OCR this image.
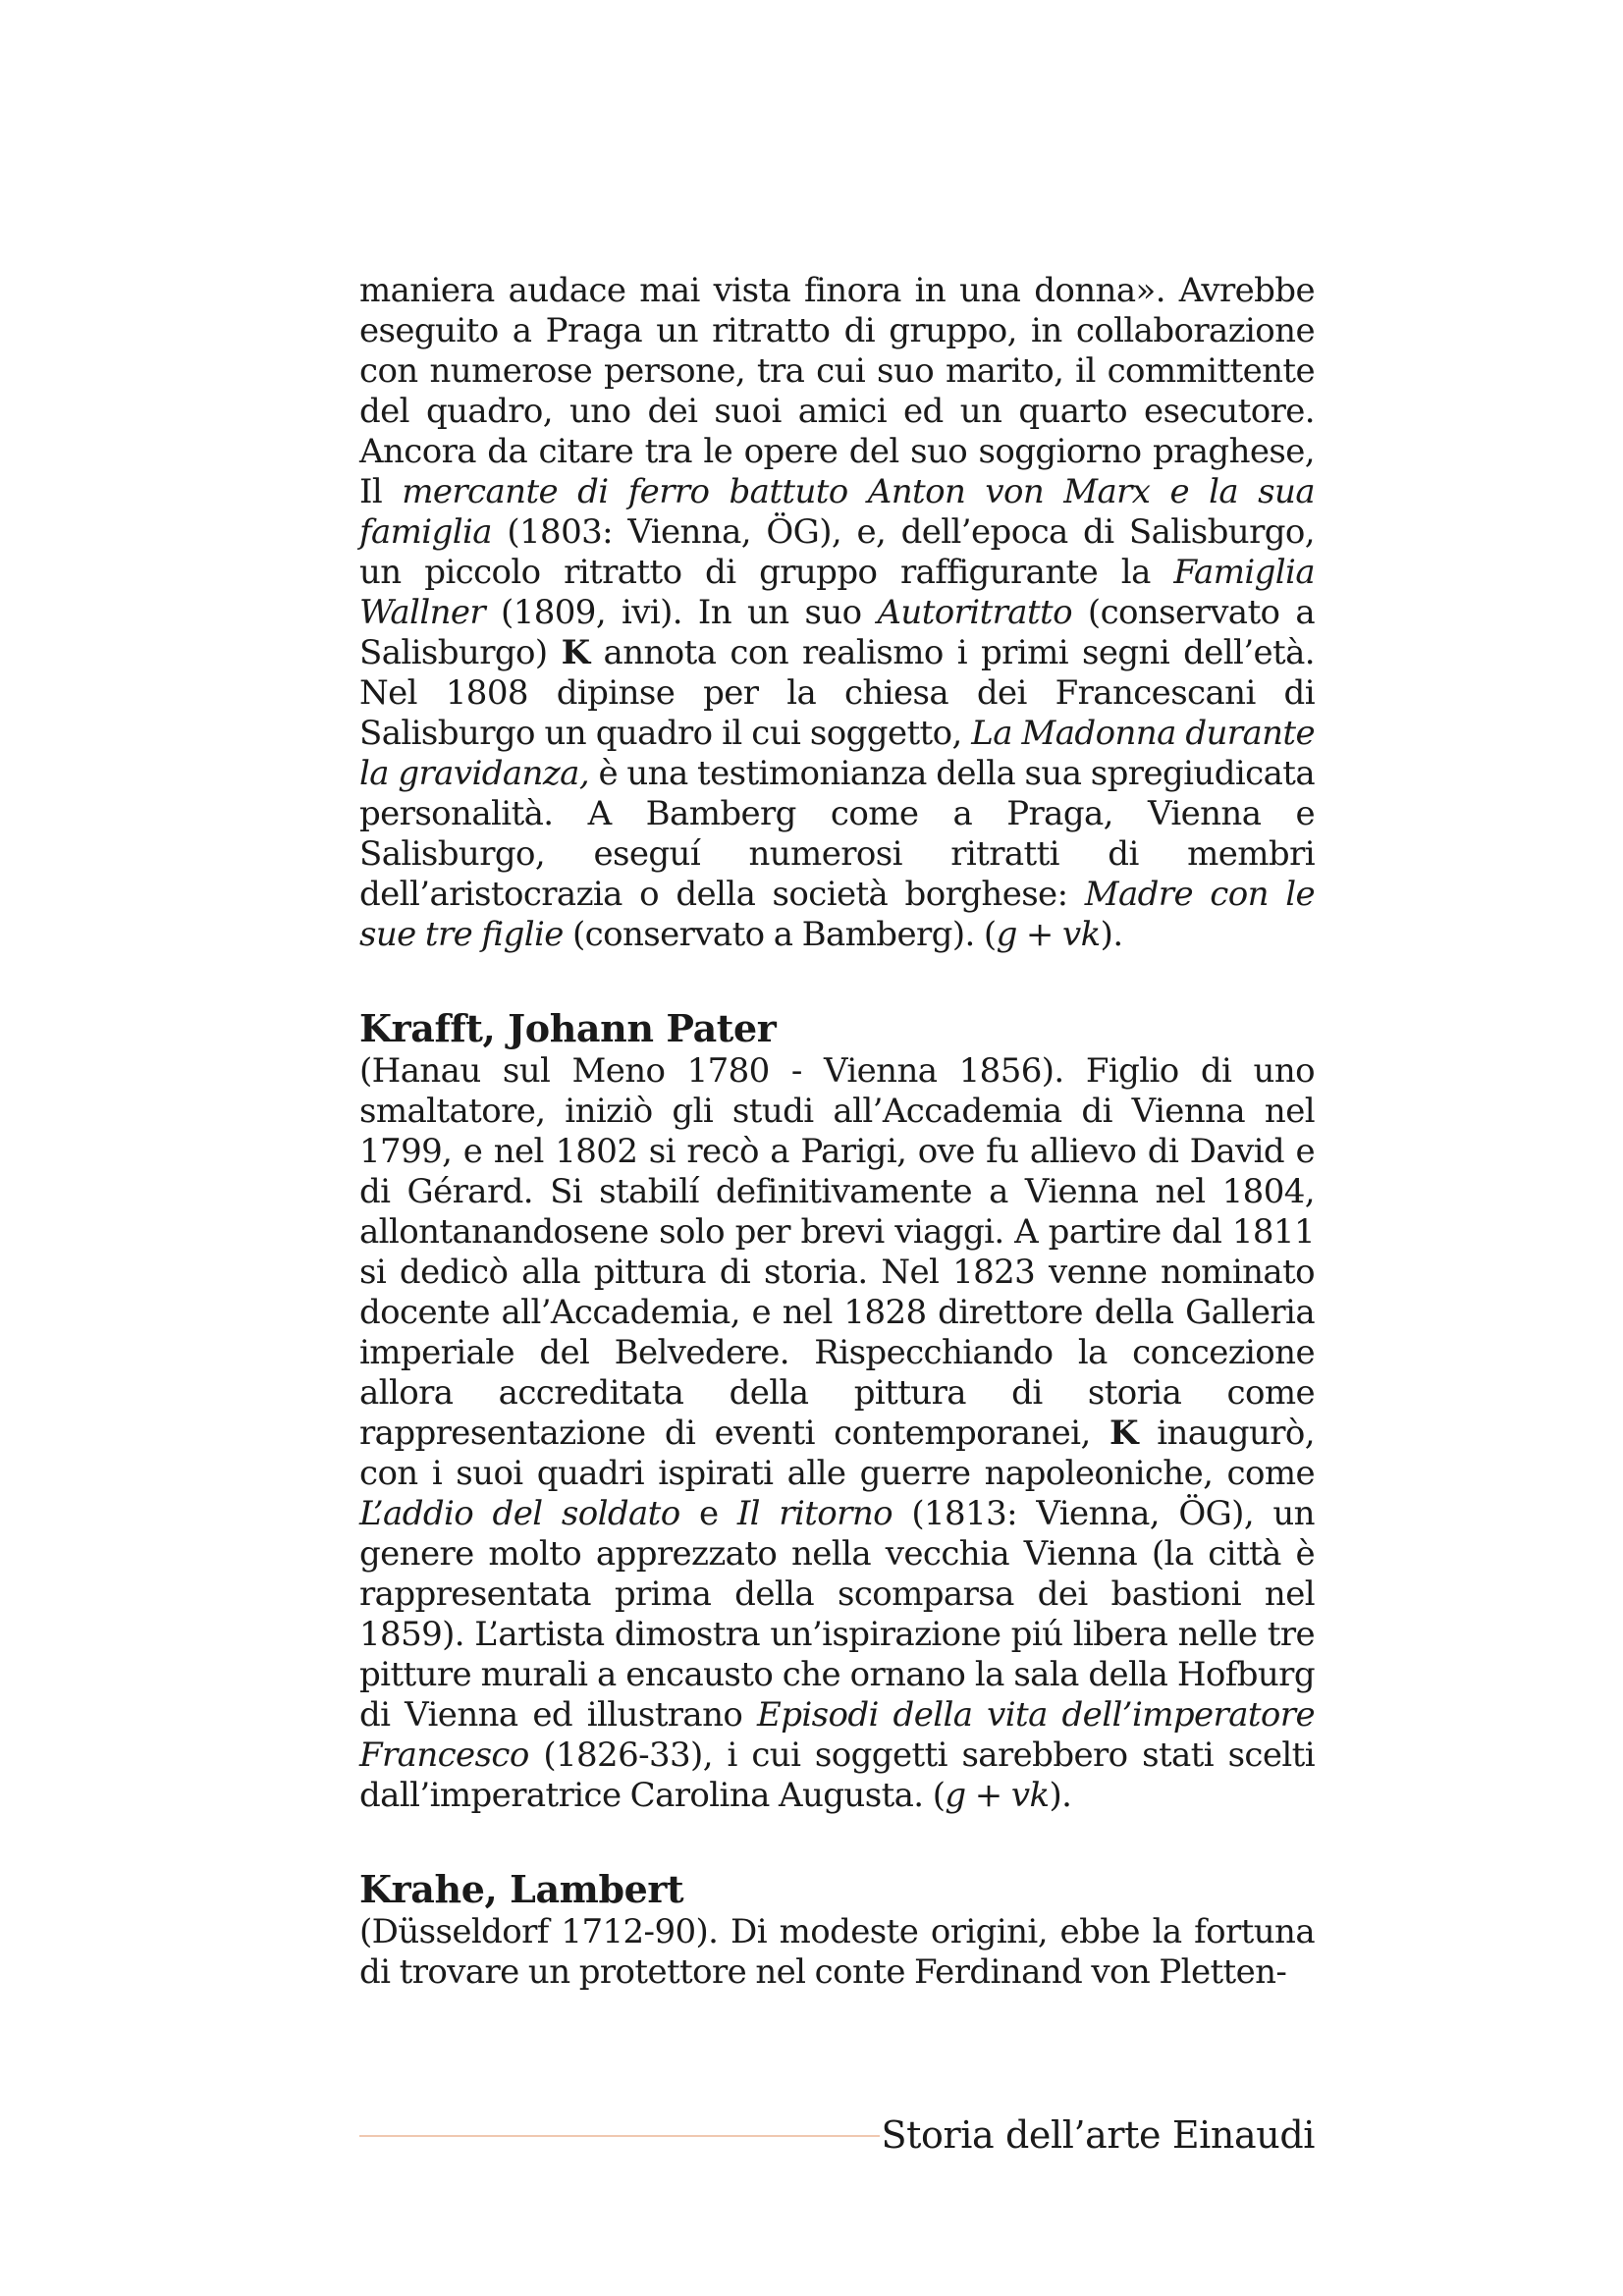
maniera audace mai vista finora in una donna». Avrebbe eseguito a Praga un ritratto di gruppo, in collaborazione con numerose persone, tra cui suo marito, il committente del quadro, uno dei suoi amici ed un quarto esecutore. Ancora da citare tra le opere del suo soggiorno praghese, Il mercante di ferro battuto Anton von Marx e la sua famiglia (1803: Vienna, ÖG), e, dell’epoca di Salisburgo, un piccolo ritratto di gruppo raffigurante la Famiglia Wallner (1809, ivi). In un suo Autoritratto (conservato a Salisburgo) K annota con realismo i primi segni dell’età. Nel 1808 dipinse per la chiesa dei Francescani di Salisburgo un quadro il cui soggetto, La Madonna durante la gravidanza, è una testimonianza della sua spregiudicata personalità. A Bamberg come a Praga, Vienna e Salisburgo, eseguí numerosi ritratti di membri dell’aristocrazia o della società borghese: Madre con le sue tre figlie (conservato a Bamberg). (g + vk).

Krafft, Johann Pater

(Hanau sul Meno 1780 - Vienna 1856). Figlio di uno smaltatore, iniziò gli studi all’Accademia di Vienna nel 1799, e nel 1802 si recò a Parigi, ove fu allievo di David e di Gérard. Si stabilí definitivamente a Vienna nel 1804, allontanandosene solo per brevi viaggi. A partire dal 1811 si dedicò alla pittura di storia. Nel 1823 venne nominato docente all’Accademia, e nel 1828 direttore della Galleria imperiale del Belvedere. Rispecchiando la concezione allora accreditata della pittura di storia come rappresentazione di eventi contemporanei, K inaugurò, con i suoi quadri ispirati alle guerre napoleoniche, come L’addio del soldato e Il ritorno (1813: Vienna, ÖG), un genere molto apprezzato nella vecchia Vienna (la città è rappresentata prima della scomparsa dei bastioni nel 1859). L’artista dimostra un’ispirazione piú libera nelle tre pitture murali a encausto che ornano la sala della Hofburg di Vienna ed illustrano Episodi della vita dell’imperatore Francesco (1826-33), i cui soggetti sarebbero stati scelti dall’imperatrice Carolina Augusta. (g + vk).

Krahe, Lambert

(Düsseldorf 1712-90). Di modeste origini, ebbe la fortuna di trovare un protettore nel conte Ferdinand von Pletten-

Storia dell’arte Einaudi
